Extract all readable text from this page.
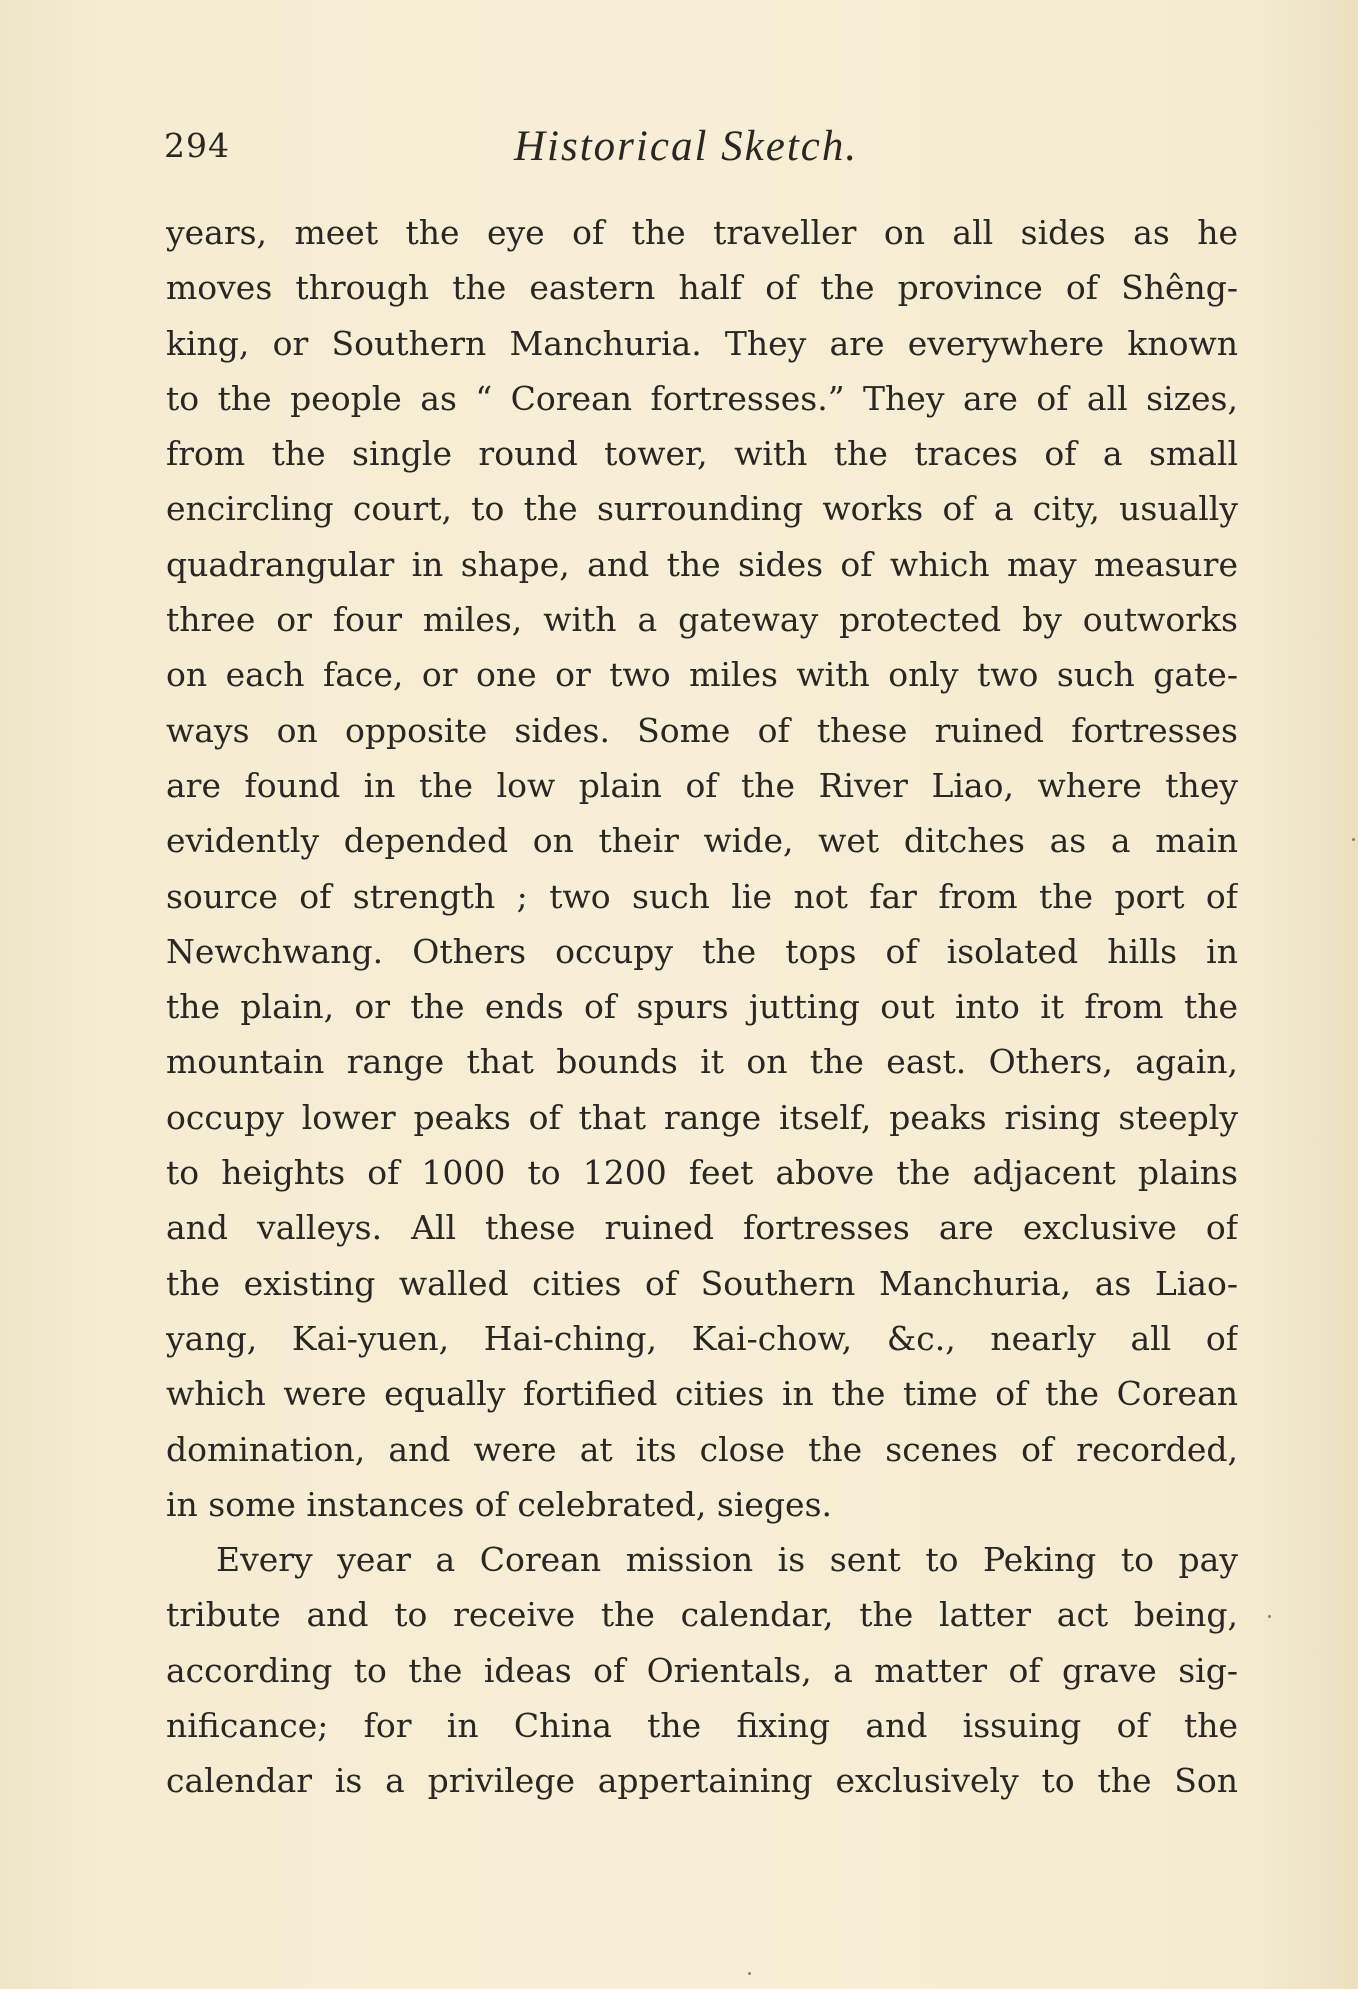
294	Historical Sketch.
years, meet the eye of the traveller on all sides as he
moves through the eastern half of the province of Shêng-
king, or Southern Manchuria. They are everywhere known
to the people as “ Corean fortresses.” They are of all sizes,
from the single round tower, with the traces of a small
encircling court, to the surrounding works of a city, usually
quadrangular in shape, and the sides of which may measure
three or four miles, with a gateway protected by outworks
on each face, or one or two miles with only two such gate-
ways on opposite sides. Some of these ruined fortresses
are found in the low plain of the River Liao, where they
evidently depended on their wide, wet ditches as a main
source of strength ; two such lie not far from the port of
Newchwang. Others occupy the tops of isolated hills in
the plain, or the ends of spurs jutting out into it from the
mountain range that bounds it on the east. Others, again,
occupy lower peaks of that range itself, peaks rising steeply
to heights of 1000 to 1200 feet above the adjacent plains
and valleys. All these ruined fortresses are exclusive of
the existing walled cities of Southern Manchuria, as Liao-
yang, Kai-yuen, Hai-ching, Kai-chow, &c., nearly all of
which were equally fortified cities in the time of the Corean
domination, and were at its close the scenes of recorded,
in some instances of celebrated, sieges.
Every year a Corean mission is sent to Peking to pay
tribute and to receive the calendar, the latter act being,
according to the ideas of Orientals, a matter of grave sig-
nificance; for in China the fixing and issuing of the
calendar is a privilege appertaining exclusively to the Son
